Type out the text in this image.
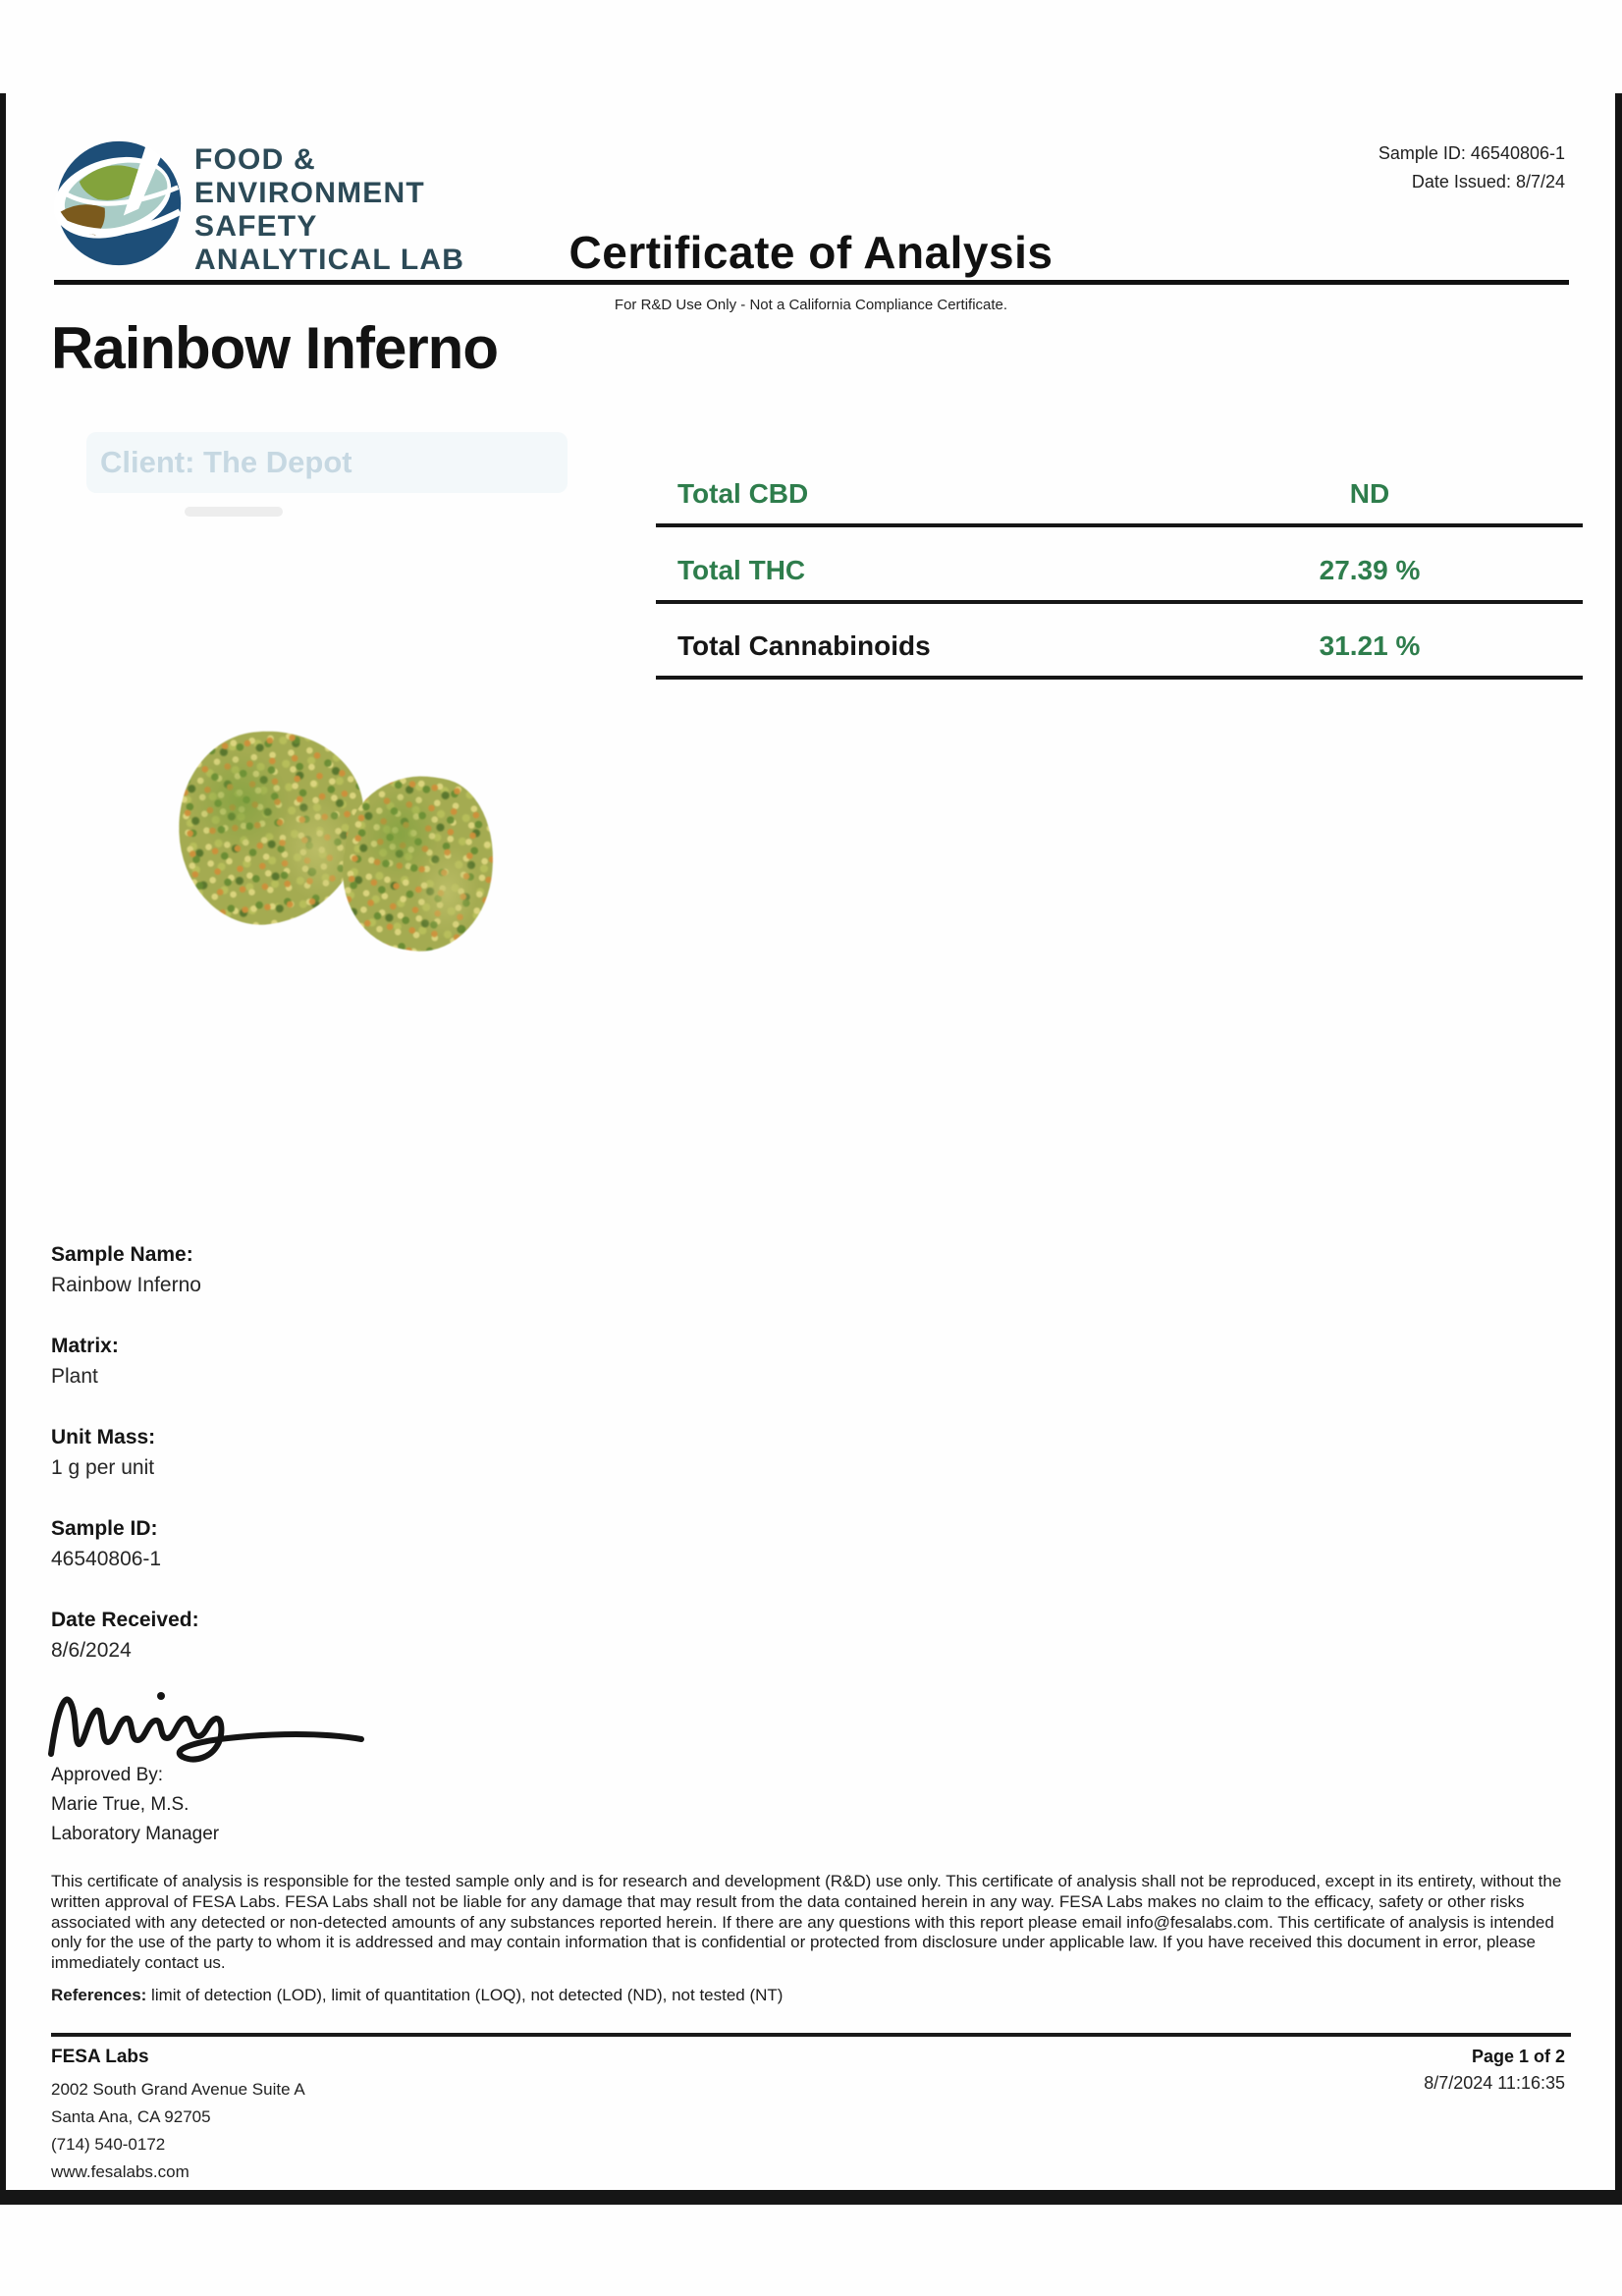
FOOD &
ENVIRONMENT
SAFETY
ANALYTICAL LAB
Sample ID: 46540806-1
Date Issued: 8/7/24
Certificate of Analysis
For R&D Use Only - Not a California Compliance Certificate.
Rainbow Inferno
Client: The Depot
Total CBD	ND
Total THC	27.39 %
Total Cannabinoids	31.21 %
Sample Name:
Rainbow Inferno
Matrix:
Plant
Unit Mass:
1 g per unit
Sample ID:
46540806-1
Date Received:
8/6/2024
Approved By:
Marie True, M.S.
Laboratory Manager

This certificate of analysis is responsible for the tested sample only and is for research and development (R&D) use only. This certificate of analysis shall not be reproduced, except in its entirety, without the written approval of FESA Labs. FESA Labs shall not be liable for any damage that may result from the data contained herein in any way. FESA Labs makes no claim to the efficacy, safety or other risks associated with any detected or non-detected amounts of any substances reported herein. If there are any questions with this report please email info@fesalabs.com. This certificate of analysis is intended only for the use of the party to whom it is addressed and may contain information that is confidential or protected from disclosure under applicable law. If you have received this document in error, please immediately contact us.

References: limit of detection (LOD), limit of quantitation (LOQ), not detected (ND), not tested (NT)
FESA Labs
2002 South Grand Avenue Suite A
Santa Ana, CA 92705
(714) 540-0172
www.fesalabs.com
Page 1 of 2
8/7/2024 11:16:35
